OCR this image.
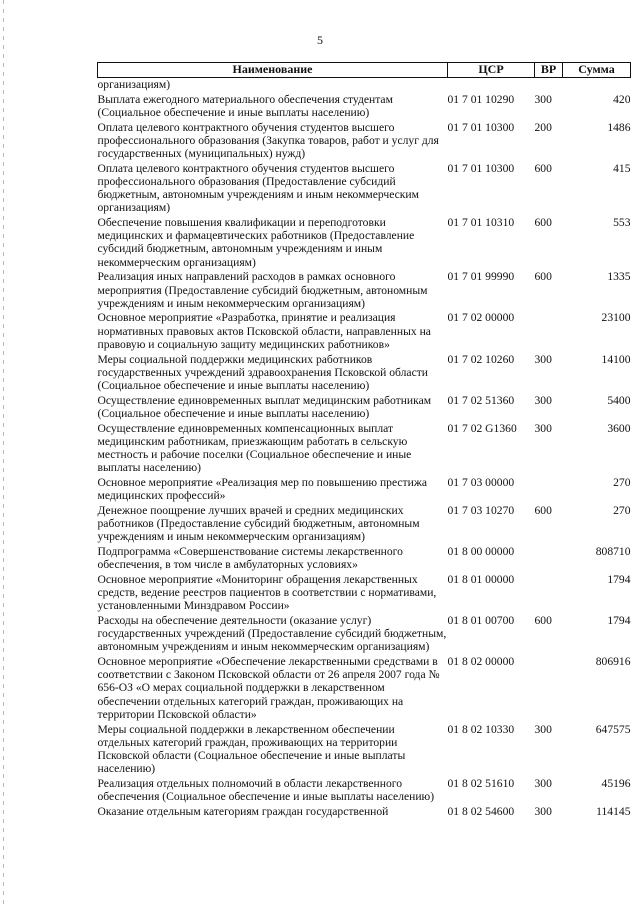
5
Наименование	ЦСР	ВР	Сумма
организациям)			
Выплата ежегодного материального обеспечения студентам (Социальное обеспечение и иные выплаты населению)	01 7 01 10290	300	420
Оплата целевого контрактного обучения студентов высшего профессионального образования (Закупка товаров, работ и услуг для государственных (муниципальных) нужд)	01 7 01 10300	200	1486
Оплата целевого контрактного обучения студентов высшего профессионального образования (Предоставление субсидий бюджетным, автономным учреждениям и иным некоммерческим организациям)	01 7 01 10300	600	415
Обеспечение повышения квалификации и переподготовки медицинских и фармацевтических работников (Предоставление субсидий бюджетным, автономным учреждениям и иным некоммерческим организациям)	01 7 01 10310	600	553
Реализация иных направлений расходов в рамках основного мероприятия (Предоставление субсидий бюджетным, автономным учреждениям и иным некоммерческим организациям)	01 7 01 99990	600	1335
Основное мероприятие «Разработка, принятие и реализация нормативных правовых актов Псковской области, направленных на правовую и социальную защиту медицинских работников»	01 7 02 00000		23100
Меры социальной поддержки медицинских работников государственных учреждений здравоохранения Псковской области (Социальное обеспечение и иные выплаты населению)	01 7 02 10260	300	14100
Осуществление единовременных выплат медицинским работникам (Социальное обеспечение и иные выплаты населению)	01 7 02 51360	300	5400
Осуществление единовременных компенсационных выплат медицинским работникам, приезжающим работать в сельскую местность и рабочие поселки (Социальное обеспечение и иные выплаты населению)	01 7 02 G1360	300	3600
Основное мероприятие «Реализация мер по повышению престижа медицинских профессий»	01 7 03 00000		270
Денежное поощрение лучших врачей и средних медицинских работников (Предоставление субсидий бюджетным, автономным учреждениям и иным некоммерческим организациям)	01 7 03 10270	600	270
Подпрограмма «Совершенствование системы лекарственного обеспечения, в том числе в амбулаторных условиях»	01 8 00 00000		808710
Основное мероприятие «Мониторинг обращения лекарственных средств, ведение реестров пациентов в соответствии с нормативами, установленными Минздравом России»	01 8 01 00000		1794
Расходы на обеспечение деятельности (оказание услуг) государственных учреждений (Предоставление субсидий бюджетным, автономным учреждениям и иным некоммерческим организациям)	01 8 01 00700	600	1794
Основное мероприятие «Обеспечение лекарственными средствами в соответствии с Законом Псковской области от 26 апреля 2007 года № 656-ОЗ «О мерах социальной поддержки в лекарственном обеспечении отдельных категорий граждан, проживающих на территории Псковской области»	01 8 02 00000		806916
Меры социальной поддержки в лекарственном обеспечении отдельных категорий граждан, проживающих на территории Псковской области (Социальное обеспечение и иные выплаты населению)	01 8 02 10330	300	647575
Реализация отдельных полномочий в области лекарственного обеспечения (Социальное обеспечение и иные выплаты населению)	01 8 02 51610	300	45196
Оказание отдельным категориям граждан государственной	01 8 02 54600	300	114145
